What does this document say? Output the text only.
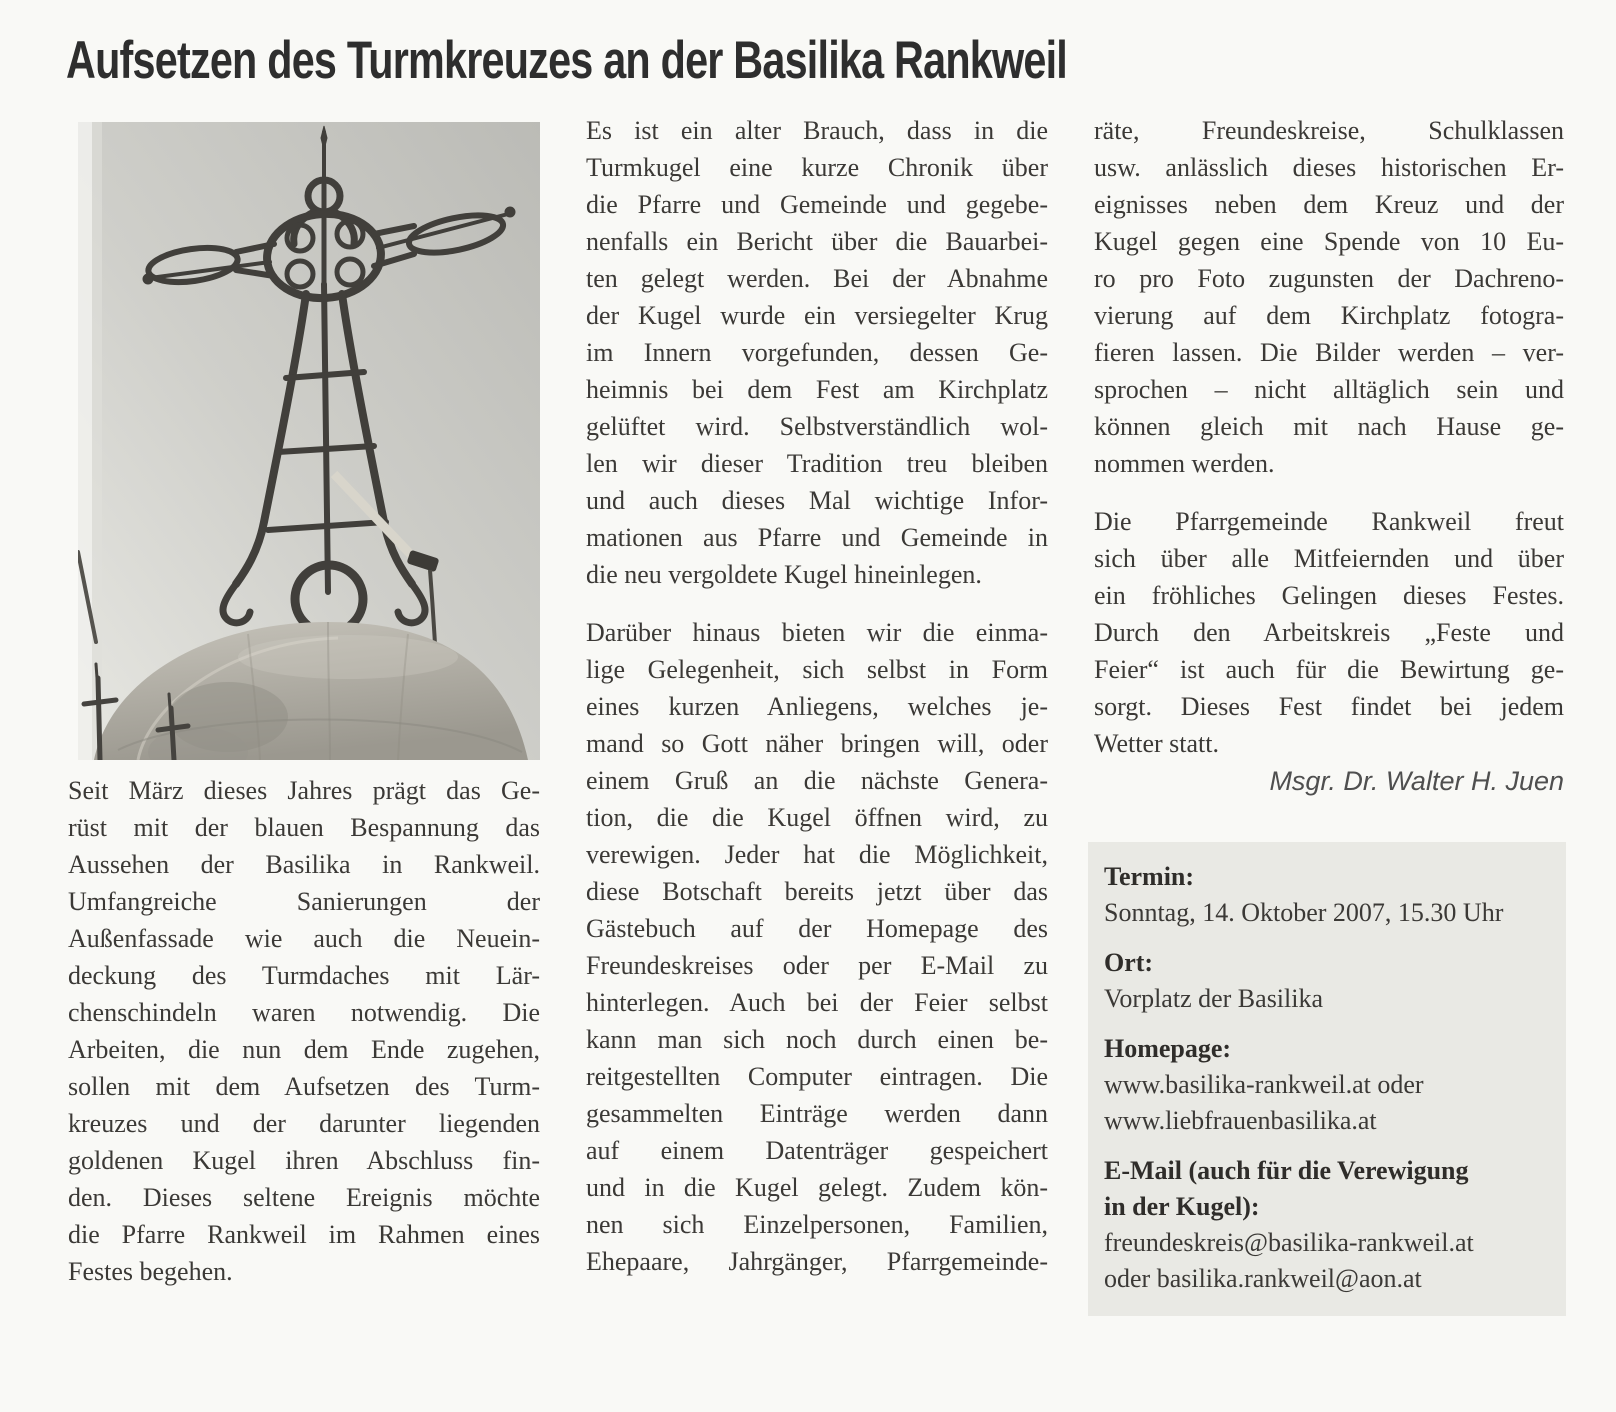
Aufsetzen des Turmkreuzes an der Basilika Rankweil
Seit März dieses Jahres prägt das Ge-
rüst mit der blauen Bespannung das
Aussehen der Basilika in Rankweil.
Umfangreiche Sanierungen der
Außenfassade wie auch die Neuein-
deckung des Turmdaches mit Lär-
chenschindeln waren notwendig. Die
Arbeiten, die nun dem Ende zugehen,
sollen mit dem Aufsetzen des Turm-
kreuzes und der darunter liegenden
goldenen Kugel ihren Abschluss fin-
den. Dieses seltene Ereignis möchte
die Pfarre Rankweil im Rahmen eines
Festes begehen.
Es ist ein alter Brauch, dass in die
Turmkugel eine kurze Chronik über
die Pfarre und Gemeinde und gegebe-
nenfalls ein Bericht über die Bauarbei-
ten gelegt werden. Bei der Abnahme
der Kugel wurde ein versiegelter Krug
im Innern vorgefunden, dessen Ge-
heimnis bei dem Fest am Kirchplatz
gelüftet wird. Selbstverständlich wol-
len wir dieser Tradition treu bleiben
und auch dieses Mal wichtige Infor-
mationen aus Pfarre und Gemeinde in
die neu vergoldete Kugel hineinlegen.
Darüber hinaus bieten wir die einma-
lige Gelegenheit, sich selbst in Form
eines kurzen Anliegens, welches je-
mand so Gott näher bringen will, oder
einem Gruß an die nächste Genera-
tion, die die Kugel öffnen wird, zu
verewigen. Jeder hat die Möglichkeit,
diese Botschaft bereits jetzt über das
Gästebuch auf der Homepage des
Freundeskreises oder per E-Mail zu
hinterlegen. Auch bei der Feier selbst
kann man sich noch durch einen be-
reitgestellten Computer eintragen. Die
gesammelten Einträge werden dann
auf einem Datenträger gespeichert
und in die Kugel gelegt. Zudem kön-
nen sich Einzelpersonen, Familien,
Ehepaare, Jahrgänger, Pfarrgemeinde-
räte, Freundeskreise, Schulklassen
usw. anlässlich dieses historischen Er-
eignisses neben dem Kreuz und der
Kugel gegen eine Spende von 10 Eu-
ro pro Foto zugunsten der Dachreno-
vierung auf dem Kirchplatz fotogra-
fieren lassen. Die Bilder werden – ver-
sprochen – nicht alltäglich sein und
können gleich mit nach Hause ge-
nommen werden.
Die Pfarrgemeinde Rankweil freut
sich über alle Mitfeiernden und über
ein fröhliches Gelingen dieses Festes.
Durch den Arbeitskreis „Feste und
Feier“ ist auch für die Bewirtung ge-
sorgt. Dieses Fest findet bei jedem
Wetter statt.
Msgr. Dr. Walter H. Juen
Termin:
Sonntag, 14. Oktober 2007, 15.30 Uhr
Ort:
Vorplatz der Basilika
Homepage:
www.basilika-rankweil.at oder
www.liebfrauenbasilika.at
E-Mail (auch für die Verewigung
in der Kugel):
freundeskreis@basilika-rankweil.at
oder basilika.rankweil@aon.at
